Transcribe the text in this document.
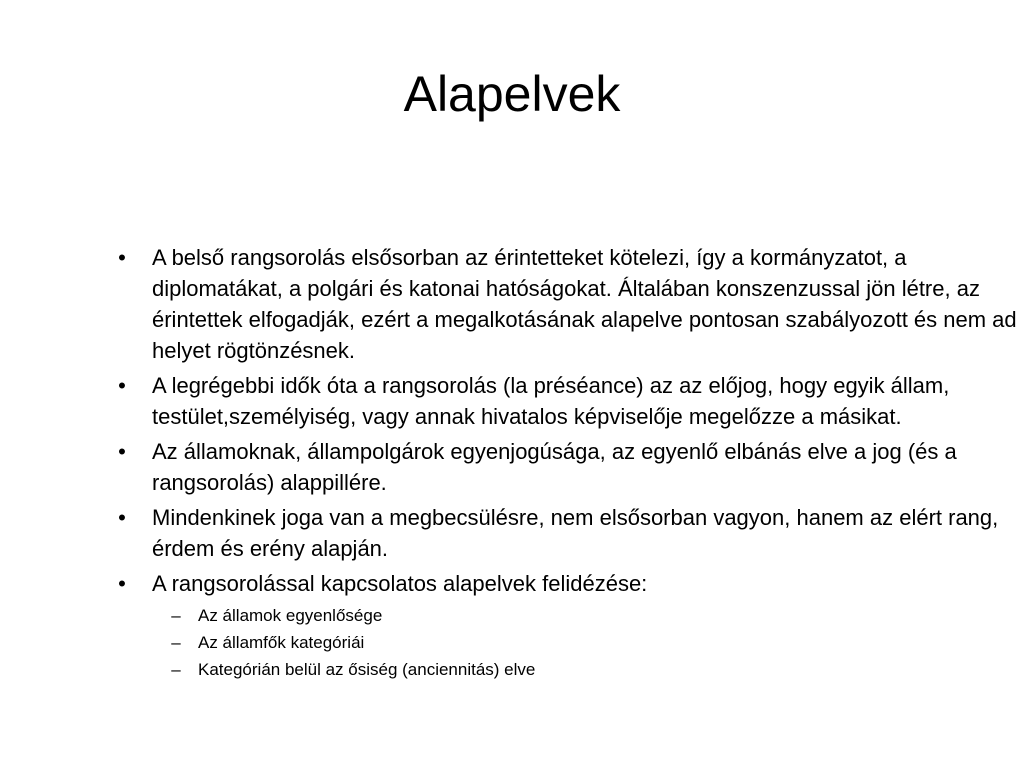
Alapelvek
• A belső rangsorolás elsősorban az érintetteket kötelezi, így a kormányzatot, a diplomatákat, a polgári és katonai hatóságokat. Általában konszenzussal jön létre, az érintettek elfogadják, ezért a megalkotásának alapelve pontosan szabályozott és nem ad helyet rögtönzésnek.
• A legrégebbi idők óta a rangsorolás (la préséance) az az előjog, hogy egyik állam, testület,személyiség, vagy annak hivatalos képviselője megelőzze a másikat.
• Az államoknak, állampolgárok egyenjogúsága, az egyenlő elbánás elve a jog (és a rangsorolás) alappillére.
• Mindenkinek joga van a megbecsülésre, nem elsősorban vagyon, hanem az elért rang, érdem és erény alapján.
• A rangsorolással kapcsolatos alapelvek felidézése:
– Az államok egyenlősége
– Az államfők kategóriái
– Kategórián belül az ősiség (anciennitás) elve
